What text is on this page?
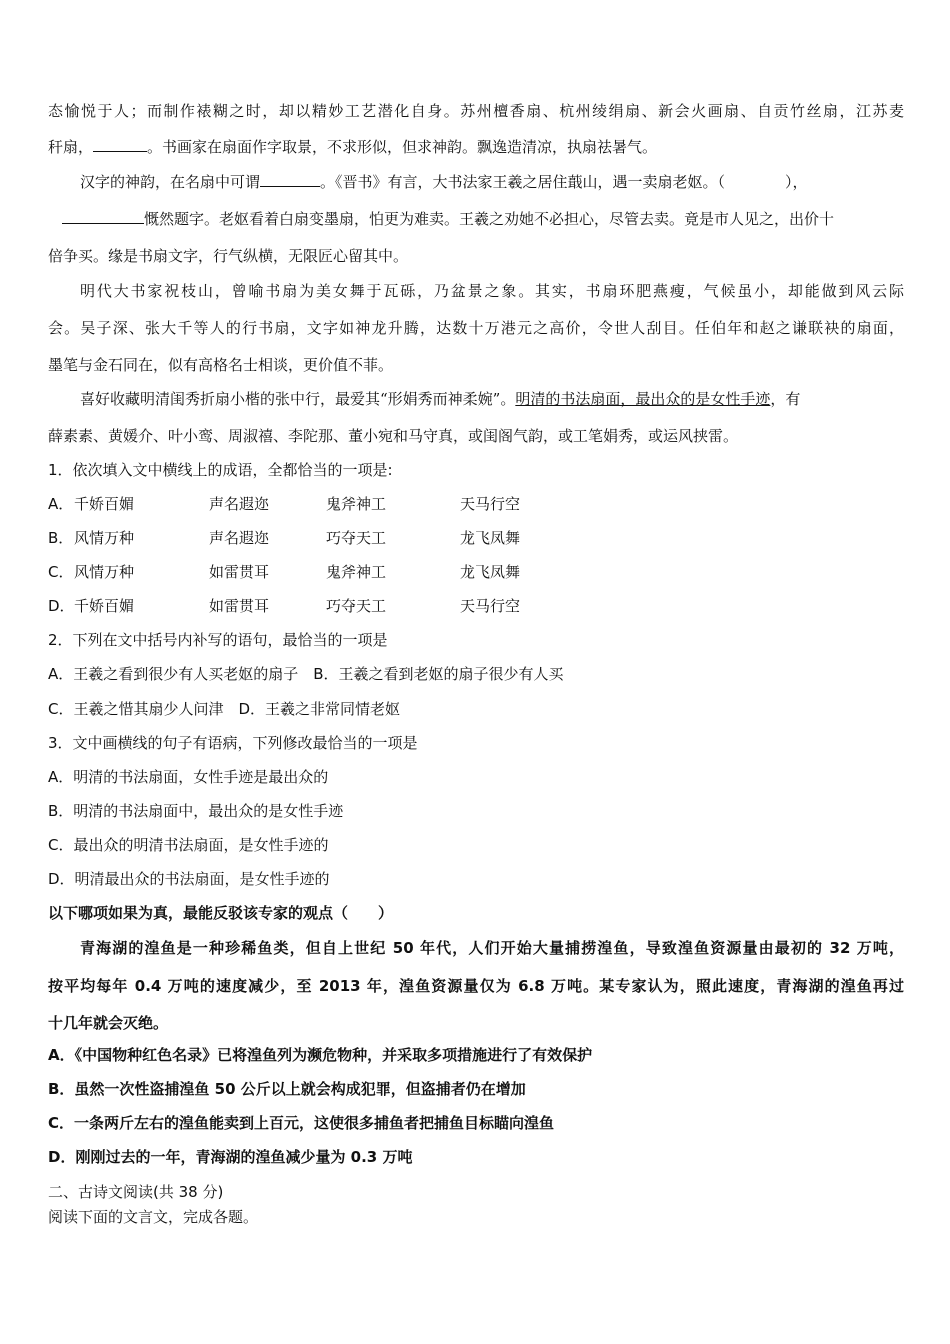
态愉悦于人；而制作裱糊之时，却以精妙工艺潜化自身。苏州檀香扇、杭州绫绢扇、新会火画扇、自贡竹丝扇，江苏麦
秆扇，	。书画家在扇面作字取景，不求形似，但求神韵。飘逸造清凉，执扇祛暑气。
汉字的神韵，在名扇中可谓	。《晋书》有言，大书法家王羲之居住蕺山，遇一卖扇老妪。（	），
慨然题字。老妪看着白扇变墨扇，怕更为难卖。王羲之劝她不必担心，尽管去卖。竟是市人见之，出价十
倍争买。缘是书扇文字，行气纵横，无限匠心留其中。
明代大书家祝枝山，曾喻书扇为美女舞于瓦砾，乃盆景之象。其实，书扇环肥燕瘦，气候虽小，却能做到风云际
会。吴子深、张大千等人的行书扇，文字如神龙升腾，达数十万港元之高价，令世人刮目。任伯年和赵之谦联袂的扇面，
墨笔与金石同在，似有高格名士相谈，更价值不菲。
喜好收藏明清闺秀折扇小楷的张中行，最爱其“形娟秀而神柔婉”。明清的书法扇面，最出众的是女性手迹，有
薛素素、黄媛介、叶小鸾、周淑禧、李陀那、董小宛和马守真，或闺阁气韵，或工笔娟秀，或运风挟雷。
1．依次填入文中横线上的成语，全都恰当的一项是:
A． 千娇百媚	声名遐迩	鬼斧神工	天马行空
B． 风情万种	声名遐迩	巧夺天工	龙飞凤舞
C． 风情万种	如雷贯耳	鬼斧神工	龙飞凤舞
D． 千娇百媚	如雷贯耳	巧夺天工	天马行空
2．下列在文中括号内补写的语句，最恰当的一项是
A．王羲之看到很少有人买老妪的扇子　B．王羲之看到老妪的扇子很少有人买
C．王羲之惜其扇少人问津　D．王羲之非常同情老妪
3．文中画横线的句子有语病，下列修改最恰当的一项是
A．明清的书法扇面，女性手迹是最出众的
B．明清的书法扇面中，最出众的是女性手迹
C．最出众的明清书法扇面，是女性手迹的
D．明清最出众的书法扇面，是女性手迹的
以下哪项如果为真，最能反驳该专家的观点（　　）
青海湖的湟鱼是一种珍稀鱼类，但自上世纪 50 年代，人们开始大量捕捞湟鱼，导致湟鱼资源量由最初的 32 万吨，
按平均每年 0.4 万吨的速度减少，至 2013 年，湟鱼资源量仅为 6.8 万吨。某专家认为，照此速度，青海湖的湟鱼再过
十几年就会灭绝。
A．《中国物种红色名录》已将湟鱼列为濒危物种，并采取多项措施进行了有效保护
B．虽然一次性盗捕湟鱼 50 公斤以上就会构成犯罪，但盗捕者仍在增加
C．一条两斤左右的湟鱼能卖到上百元，这使很多捕鱼者把捕鱼目标瞄向湟鱼
D．刚刚过去的一年，青海湖的湟鱼减少量为 0.3 万吨
二、古诗文阅读(共 38 分)
阅读下面的文言文，完成各题。
